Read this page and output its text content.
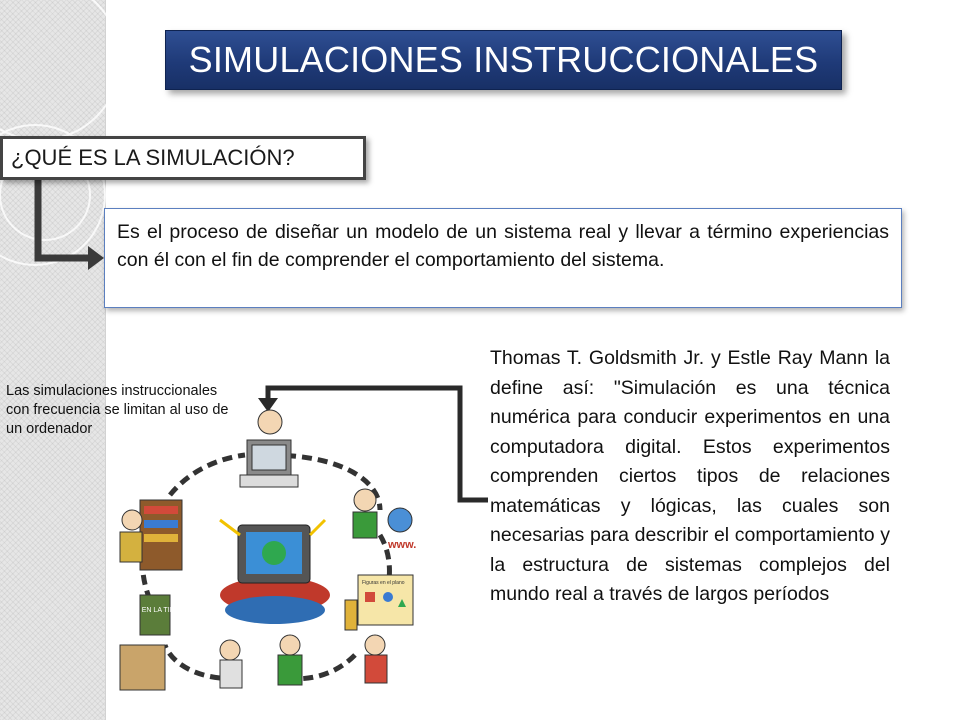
SIMULACIONES INSTRUCCIONALES
¿QUÉ ES LA SIMULACIÓN?
Es el proceso de diseñar un modelo de un sistema real y llevar a término experiencias con él con el fin de comprender el comportamiento del sistema.
Las simulaciones instruccionales con frecuencia se limitan al uso de un ordenador
Thomas T. Goldsmith Jr. y Estle Ray Mann la define así: "Simulación es una técnica numérica para conducir experimentos en una computadora digital. Estos experimentos comprenden ciertos tipos de relaciones matemáticas y lógicas, las cuales son necesarias para describir el comportamiento y la estructura de sistemas complejos del mundo real a través de largos períodos
MATE EN LA TIERRA
www.
Figuras en el plano
